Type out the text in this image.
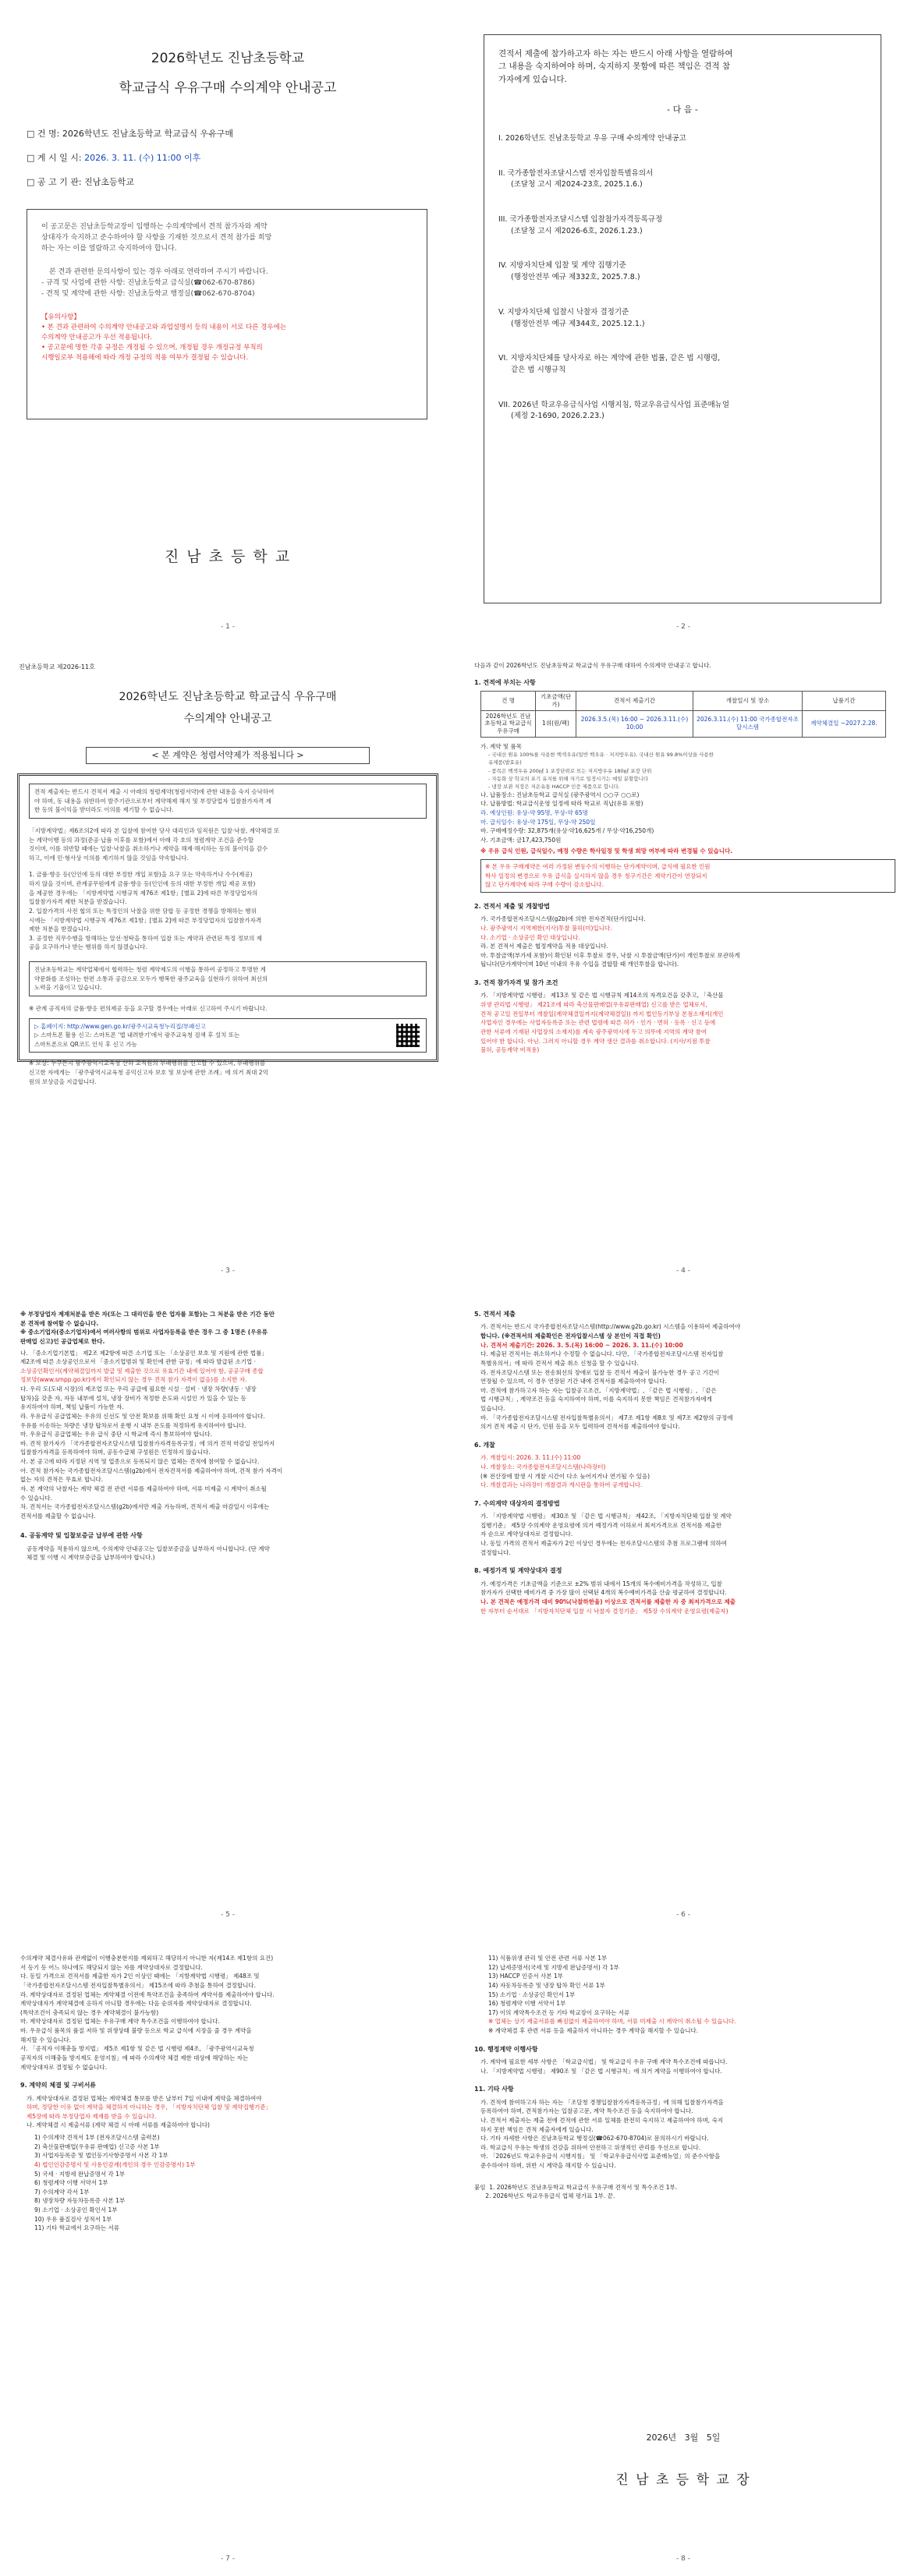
2026학년도 진남초등학교
학교급식 우유구매 수의계약 안내공고
□ 건 명: 2026학년도 진남초등학교 학교급식 우유구매
□ 게 시 일 시: 2026. 3. 11. (수) 11:00 이후
□ 공 고 기 관: 진남초등학교
이 공고문은 진남초등학교장이 입행하는 수의계약에서 견적 참가자와 계약
상대자가 숙지하고 준수하여야 할 사항을 기재한 것으로서 견적 참가를 희망
하는 자는 이를 열람하고 숙지하여야 합니다.
본 견과 관련한 문의사항이 있는 경우 아래로 연락하여 주시기 바랍니다.
- 규격 및 사업에 관한 사항: 진남초등학교 급식실(☎062-670-8786)
- 견적 및 계약에 관한 사항: 진남초등학교 행정실(☎062-670-8704)
【유의사항】
• 본 견과 관련하여 수의계약 안내공고와 과업설명서 등의 내용이 서로 다른 경우에는
수의계약 안내공고가 우선 적용됩니다.
• 공고문에 명한 각종 규정은 개정될 수 있으며, 개정될 경우 개정규정 부칙의
시행일로부 적용해에 따라 개정 규정의 적용 여부가 결정될 수 있습니다.
진 남 초 등 학 교
- 1 -
견적서 제출에 참가하고자 하는 자는 반드시 아래 사항을 열람하여
그 내용을 숙지하여야 하며, 숙지하지 못함에 따른 책임은 견적 참
가자에게 있습니다.
- 다 음 -
I. 2026학년도 진남초등학교 우유 구매 수의계약 안내공고
II. 국가종합전자조달시스템 전자입찰특별유의서
(조달청 고시 제2024-23호, 2025.1.6.)
III. 국가종합전자조달시스템 입찰참가자격등록규정
(조달청 고시 제2026-6호, 2026.1.23.)
IV. 지방자치단체 입찰 및 계약 집행기준
(행정안전부 예규 제332호, 2025.7.8.)
V. 지방자치단체 입찰시 낙찰자 결정기준
(행정안전부 예규 제344호, 2025.12.1.)
VI. 지방자치단체를 당사자로 하는 계약에 관한 법률, 같은 법 시행령,
같은 법 시행규칙
VII. 2026년 학교우유급식사업 시행지침, 학교우유급식사업 표준매뉴얼
(제정 2-1690, 2026.2.23.)
- 2 -
진남초등학교 제2026-11호
2026학년도 진남초등학교 학교급식 우유구매
수의계약 안내공고
< 본 계약은 청렴서약제가 적용됩니다 >
견적 제출자는 반드시 견적서 제출 시 아래의 청렴계약(청렴서약)에 관한 내용을 숙지 승낙하여
야 하며, 동 내용을 위반하여 발주기관으로부터 계약해제 해지 및 부정당업자 입찰참가자격 제
한 등의 불이익을 받더라도 이의를 제기할 수 없습니다.
「지방계약법」제6조의2에 따라 본 입찰에 참여한 당사 대리인과 임직원은 입찰·낙찰, 계약체결 또
는 계약이행 등의 과정(준공·납품 이후를 포함)에서 아래 각 호의 청렴계약 조건을 준수할
것이며, 이를 위반할 때에는 입찰·낙찰을 취소하거나 계약을 해제·해지하는 등의 불이익을 감수
하고, 이에 민·형사상 이의를 제기하지 않을 것임을 약속합니다.
1. 금품·향응 등(인인에 등의 대한 부정한 개입 포함)을 요구 또는 약속하거나 수수(제공)
하지 않을 것이며, 관계공무원에게 금품·향응 등(인인에 등의 대한 부정한 개입 제공 포함)
을 제공한 경우에는 「지방계약법 시행규칙 제76조 제1항」[별표 2]에 따른 부정당업자의
입찰참가자격 제한 처분을 받겠습니다.
2. 입찰가격의 사전 협의 또는 특정인의 낙찰을 위한 담합 등 공정한 경쟁을 방해하는 행위
시에는 「지방계약법 시행규칙 제76조 제1항」[별표 2]에 따른 부정당업자의 입찰참가자격
제한 처분을 받겠습니다.
3. 공정한 직무수행을 방해하는 알선·청탁을 통하여 입찰 또는 계약과 관련된 특정 정보의 제
공을 요구하거나 받는 행위를 하지 않겠습니다.
진남초등학교는 계약업체에서 협력하는 청렴 계약제도의 이행을 통하여 공정하고 투명한 계
약문화를 조성하는 한편 소통과 공감으로 모두가 행복한 광주교육을 실현하기 위하여 최선의
노력을 기울이고 있습니다.
※ 관계 공직자의 금품·향응 편의제공 등을 요구할 경우에는 아래로 신고하여 주시기 바랍니다.
▷ 홈페이지: http://www.gen.go.kr/광주시교육청누리집/부패신고
▷ 스마트폰 활용 신고: 스마트폰 '앱 내려받기'에서 광주교육청 검색 후 설치 또는
스마트폰으로 QR코드 인식 후 신고 가능
※ 보상: 누구든지 광주광역시교육청 산하 교직원의 부패행위를 신고할 수 있으며, 부패행위를
신고한 자에게는 「광주광역시교육청 공익신고자 보호 및 보상에 관한 조례」에 의거 최대 2억
원의 보상금을 지급합니다.
- 3 -
다음과 같이 2026학년도 진남초등학교 학교급식 우유구매 대하여 수의계약 안내공고 합니다.
1. 견적에 부치는 사항
건 명	기초금액(단가)	견적서 제출기간	개찰일시 및 장소	납품기간
2026학년도 진남초등학교 학교급식 우유구매	1위(원/팩)	2026.3.5.(목) 16:00 ~ 2026.3.11.(수) 10:00	2026.3.11.(수) 11:00 국가종합전자조달시스템	계약체결일 ~2027.2.28.
가. 계약 및 품목
- 국내산 원유 100%를 사용한 백색우유(일반 백우유 · 저지방우유), 국내산 원유 99.8%이상을 사용한
유제품(발효유)
- 품목은 백색우유 200㎖ 1 포장단위로 또는 저지방우유 180㎖ 포장 단위
- 자동화 상 학교의 포기 유지를 위해 자기로 일정시기는 매일 분할합니다
- 냉장 보관 저장은 저온유통 HACCP 인증 제품으로 합니다.
나. 납품장소: 진남초등학교 급식실 (광주광역시 ○○구 ○○로)
다. 납품방법: 학교급식운영 일정에 따라 학교로 직납(유류 포함)
라. 예상인원: 유상-약 95명, 무상-약 65명
마. 급식일수: 유상-약 175일, 무상-약 250일
바. 구매예정수량: 32,875개(유상·약16,625개 / 무상·약16,250개)
사. 기초금액: 금17,423,750원
※ 우유 급식 인원, 급식일수, 예정 수량은 학사일정 및 학생 희망 여부에 따라 변경될 수 있습니다.
※ 본 우유 구매계약은 여러 가정된 변동수의 이행하는 단가계약이며, 급식에 필요한 인원
학사 일정의 변경으로 우유 급식을 실시하지 않을 경우 청구기간은 계약기간이 연장되지
않고 단가계약에 따라 구매 수량이 감소합니다.
2. 견적서 제출 및 개찰방법
가. 국가종합전자조달시스템(g2b)에 의한 전자견적(단가)입니다.
나. 광주광역시 지역제한(지사)투찰 불허(미)입니다.
다. 소기업 · 소상공인 확인 대상입니다.
라. 본 견적서 제출은 협정계약을 적용 대상입니다.
마. 투찰금액(부가세 포함)이 확인된 이후 투찰로 경우, 낙찰 시 투찰금액(단가)이 개인투찰로 보관하게
됩니다(단가계약이며 10년 이내의 우유 수입을 결합할 때 개인투찰을 합니다).
3. 견적 참가자격 및 참가 조건
가. 「지방계약법 시행령」 제13조 및 같은 법 시행규칙 제14조의 자격요건을 갖추고, 「축산물
위생 관리법 시행령」 제21조에 따라 축산물판매업(우유류판매업) 신고를 받은 업체로서,
견적 공고일 전일부터 개찰일(계약체결일까지(계약체결일)) 까지 법인등기부상 본점소재지(개인
사업자인 경우에는 사업자등록증 또는 관련 법령에 따른 허가 · 인가 · 면허 · 등록 · 신고 등에
관한 서류에 기재된 사업장의 소재지)를 계속 광주광역시에 두고 의무에 지역의 계약 참여
있어야 한 합니다. 아닌. 그러지 아니할 경우 계약 생산 결과를 취소합니다. (지사/지점 투찰
불허, 공동계약 비적용)
- 4 -
※ 부정당업자 제재처분을 받은 자(또는 그 대리인을 받은 업자를 포함)는 그 처분을 받은 기간 동안
본 견적에 참여할 수 없습니다.
※ 중소기업자(중소기업자)에서 여러사항의 범위로 사업자등록을 받은 경우 그 중 1명은 (우유류
판매업 신고)인 공급업체로 한다.
나. 「중소기업기본법」 제2조 제2항에 따른 소기업 또는 「소상공인 보호 및 지원에 관한 법률」
제2조에 따른 소상공인으로서 「중소기업범위 및 확인에 관한 규정」에 따라 발급된 소기업 ·
소상공인확인서(계약체결일까지 발급 및 제출한 것으로 유효기간 내에 있어야 함, 공공구매 종합
정보망(www.smpp.go.kr)에서 확인되지 않는 경우 견적 참가 자격이 없음)를 소지한 자.
다. 우리 도(도내 시장)의 제조업 또는 우리 공급에 필요한 시설 · 설비 · 냉장 차량(냉동 · 냉장
탑차)을 갖춘 자, 자동 내부에 설치, 냉장 장비가 적정한 온도와 시설인 가 있을 수 있는 등
유지하여야 하며, 책임 납품이 가능한 자.
라. 우유급식 공급업체는 우유의 신선도 및 안전 확보를 위해 확인 요청 시 이에 응하여야 합니다.
우유를 이송하는 차량은 냉장 탑차로서 운행 시 내부 온도를 적정하게 유지하여야 합니다.
마. 우유급식 공급업체는 우유 급식 중단 시 학교에 즉시 통보하여야 합니다.
바. 견적 참가자가 「국가종합전자조달시스템 입찰참가자격등록규정」에 의거 견적 마감일 전일까지
입찰참가자격을 등록하여야 하며, 공동수급체 구성원은 인정하지 않습니다.
사. 본 공고에 따라 지정된 지역 및 업종으로 등록되지 않은 업체는 견적에 참여할 수 없습니다.
아. 견적 참가자는 국가종합전자조달시스템(g2b)에서 전자견적서를 제출하여야 하며, 견적 참가 자격이
없는 자의 견적은 무효로 합니다.
자. 본 계약의 낙찰자는 계약 체결 전 관련 서류를 제출하여야 하며, 서류 미제출 시 계약이 취소될
수 있습니다.
차. 견적서는 국가종합전자조달시스템(g2b)에서만 제출 가능하며, 견적서 제출 마감일시 이후에는
견적서를 제출할 수 없습니다.
4. 공동계약 및 입찰보증금 납부에 관한 사항
공동계약을 적용하지 않으며, 수의계약 안내공고는 입찰보증금을 납부하지 아니합니다. (단 계약
체결 및 이행 시 계약보증금을 납부하여야 합니다.)
- 5 -
5. 견적서 제출
가. 견적서는 반드시 국가종합전자조달시스템(http://www.g2b.go.kr) 시스템을 이용하여 제출하여야
합니다. (※견적서의 제출확인은 전자입찰시스템 상 본인이 직접 확인)
나. 견적서 제출기간: 2026. 3. 5.(목) 16:00 ~ 2026. 3. 11.(수) 10:00
다. 제출된 견적서는 취소하거나 수정할 수 없습니다. 다만, 「국가종합전자조달시스템 전자입찰
특별유의서」에 따라 견적서 제출 취소 신청을 할 수 있습니다.
라. 전자조달시스템 또는 전송회선의 장애로 입찰 등 견적서 제출이 불가능한 경우 공고 기간이
연장될 수 있으며, 이 경우 연장된 기간 내에 견적서를 제출하여야 합니다.
마. 견적에 참가하고자 하는 자는 입찰공고조건, 「지방계약법」, 「같은 법 시행령」, 「같은
법 시행규칙」, 계약조건 등을 숙지하여야 하며, 이를 숙지하지 못한 책임은 견적참가자에게
있습니다.
바. 「국가종합전자조달시스템 전자입찰특별유의서」 제7조 제1항 제8호 및 제7조 제2항의 규정에
의거 견적 제출 시 단가, 인원 등을 모두 입력하여 견적서를 제출하여야 합니다.
6. 개찰
가. 개찰일시: 2026. 3. 11.(수) 11:00
나. 개찰장소: 국가종합전자조달시스템(나라장터)
(※ 전산장애 발생 시 개찰 시간이 다소 늦어지거나 연기될 수 있음)
다. 개찰결과는 나라장터 개찰결과 게시판을 통하여 공개합니다.
7. 수의계약 대상자의 결정방법
가. 「지방계약법 시행령」 제30조 및 「같은 법 시행규칙」 제42조, 「지방자치단체 입찰 및 계약
집행기준」 제5장 수의계약 운영요령에 의거 예정가격 이하로서 최저가격으로 견적서를 제출한
자 순으로 계약상대자로 결정합니다.
나. 동일 가격의 견적서 제출자가 2인 이상인 경우에는 전자조달시스템의 추첨 프로그램에 의하여
결정합니다.
8. 예정가격 및 계약상대자 결정
가. 예정가격은 기초금액을 기준으로 ±2% 범위 내에서 15개의 복수예비가격을 작성하고, 입찰
참가자가 선택한 예비가격 중 가장 많이 선택된 4개의 복수예비가격을 산술 평균하여 결정합니다.
나. 본 견적은 예정가격 대비 90%(낙찰하한율) 이상으로 견적서를 제출한 자 중 최저가격으로 제출
한 자부터 순서대로 「지방자치단체 입찰 시 낙찰자 결정기준」 제5장 수의계약 운영요령(제출자)
- 6 -
수의계약 체결사유와 관계없이 이행충분한지를 제외하고 해당하지 아니한 자(제14조 제1항의 요건)
서 등기 등 어느 하나에도 해당되지 않는 자를 계약상대자로 결정합니다.
다. 동일 가격으로 견적서를 제출한 자가 2인 이상인 때에는 「지방계약법 시행령」 제48조 및
「국가종합전자조달시스템 전자입찰특별유의서」 제15조에 따라 추첨을 통하여 결정합니다.
라. 계약상대자로 결정된 업체는 계약체결 이전에 특약조건을 충족하여 계약서를 제출하여야 합니다.
계약상대자가 계약체결에 응하지 아니할 경우에는 다음 순위자를 계약상대자로 결정합니다.
(특약조건이 충족되지 않는 경우 계약체결이 불가능함)
마. 계약상대자로 결정된 업체는 우유구매 계약 특수조건을 이행하여야 합니다.
바. 우유급식 품목의 품질 저하 및 위생상태 불량 등으로 학교 급식에 지장을 줄 경우 계약을
해지할 수 있습니다.
사. 「공직자 이해충돌 방지법」 제5조 제1항 및 같은 법 시행령 제4조, 「광주광역시교육청
공직자의 이해충돌 방지제도 운영지침」에 따라 수의계약 체결 제한 대상에 해당하는 자는
계약상대자로 결정될 수 없습니다.
9. 계약의 체결 및 구비서류
가. 계약상대자로 결정된 업체는 계약체결 통보를 받은 날부터 7일 이내에 계약을 체결하여야
하며, 정당한 이유 없이 계약을 체결하지 아니하는 경우, 「지방자치단체 입찰 및 계약집행기준」
제5장에 따라 부정당업자 제재를 받을 수 있습니다.
나. 계약체결 시 제출서류 (계약 체결 시 아래 서류를 제출하여야 합니다)
1) 수의계약 견적서 1부 (전자조달시스템 출력본)
2) 축산물판매업(우유류 판매업) 신고증 사본 1부
3) 사업자등록증 및 법인등기사항증명서 사본 각 1부
4) 법인인감증명서 및 사용인감계(개인의 경우 인감증명서) 1부
5) 국세 · 지방세 완납증명서 각 1부
6) 청렴계약 이행 서약서 1부
7) 수의계약 각서 1부
8) 냉장차량 자동차등록증 사본 1부
9) 소기업 · 소상공인 확인서 1부
10) 우유 품질검사 성적서 1부
11) 기타 학교에서 요구하는 서류
- 7 -
11) 식품위생 관리 및 안전 관련 서류 사본 1부
12) 납세증명서(국세 및 지방세 완납증명서) 각 1부
13) HACCP 인증서 사본 1부
14) 자동차등록증 및 냉장 탑차 확인 서류 1부
15) 소기업 · 소상공인 확인서 1부
16) 청렴계약 이행 서약서 1부
17) 이의 계약특수조건 등 기타 학교장이 요구하는 서류
※ 업체는 상기 제출서류를 빠짐없이 제출하여야 하며, 서류 미제출 시 계약이 취소될 수 있습니다.
※ 계약체결 후 관련 서류 등을 제출하지 아니하는 경우 계약을 해지할 수 있습니다.
10. 행정계약 이행사항
가. 계약에 필요한 세부 사항은 「학교급식법」 및 학교급식 우유 구매 계약 특수조건에 따릅니다.
나. 「지방계약법 시행령」 제90조 및 「같은 법 시행규칙」에 의거 계약을 이행하여야 합니다.
11. 기타 사항
가. 견적에 참여하고자 하는 자는 「조달청 경쟁입찰참가자격등록규정」에 의해 입찰참가자격을
등록하여야 하며, 견적참가자는 입찰공고문, 계약 특수조건 등을 숙지하여야 합니다.
나. 견적서 제출자는 제출 전에 견적에 관한 서류 일체를 완전히 숙지하고 제출하여야 하며, 숙지
하지 못한 책임은 견적 제출자에게 있습니다.
다. 기타 자세한 사항은 진남초등학교 행정실(☎062-670-8704)로 문의하시기 바랍니다.
라. 학교급식 우유는 학생의 건강을 위하여 안전하고 위생적인 관리를 우선으로 합니다.
마. 「2026년도 학교우유급식 시행지침」 및 「학교우유급식사업 표준매뉴얼」의 준수사항을
준수하여야 하며, 위반 시 계약을 해지할 수 있습니다.
붙임  1. 2026학년도 진남초등학교 학교급식 우유구매 견적서 및 특수조건 1부.
2. 2026학년도 학교우유급식 업체 평가표 1부. 끝.
2026년   3월   5일
진 남 초 등 학 교 장
- 8 -
